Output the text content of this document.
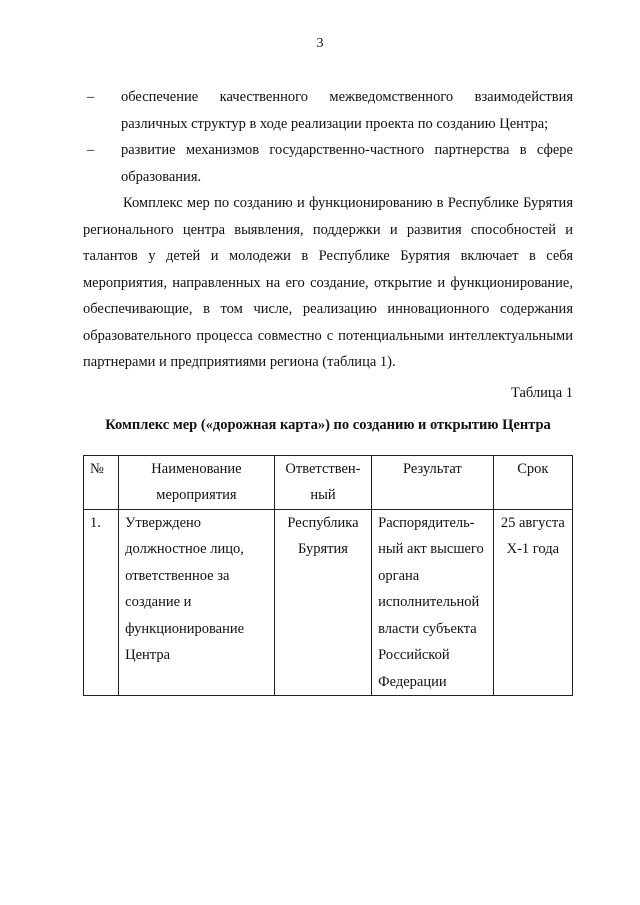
3
– обеспечение качественного межведомственного взаимодействия различных структур в ходе реализации проекта по созданию Центра;
– развитие механизмов государственно-частного партнерства в сфере образования.
Комплекс мер по созданию и функционированию в Республике Бурятия регионального центра выявления, поддержки и развития способностей и талантов у детей и молодежи в Республике Бурятия включает в себя мероприятия, направленных на его создание, открытие и функционирование, обеспечивающие, в том числе, реализацию инновационного содержания образовательного процесса совместно с потенциальными интеллектуальными партнерами и предприятиями региона (таблица 1).
Таблица 1
Комплекс мер («дорожная карта») по созданию и открытию Центра
№	Наименование мероприятия	Ответствен-ный	Результат	Срок
1.	Утверждено должностное лицо, ответственное за создание и функционирование Центра	Республика Бурятия	Распорядитель-ный акт высшего органа исполнительной власти субъекта Российской Федерации	25 августа Х-1 года
